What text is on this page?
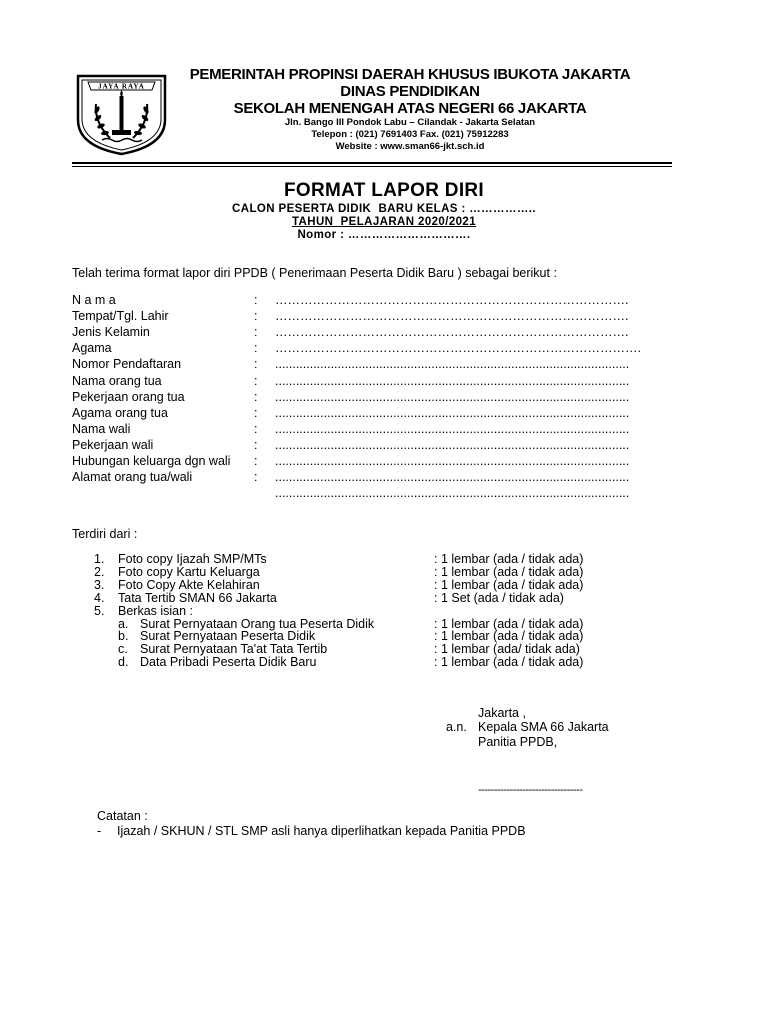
JAYA RAYA
PEMERINTAH PROPINSI DAERAH KHUSUS IBUKOTA JAKARTA
DINAS PENDIDIKAN
SEKOLAH MENENGAH ATAS NEGERI 66 JAKARTA
Jln. Bango III Pondok Labu – Cilandak - Jakarta Selatan
Telepon : (021) 7691403 Fax. (021) 75912283
Website : www.sman66-jkt.sch.id
FORMAT LAPOR DIRI
CALON PESERTA DIDIK  BARU KELAS : ……………..
TAHUN  PELAJARAN 2020/2021
Nomor : ………………………….
Telah terima format lapor diri PPDB ( Penerimaan Peserta Didik Baru ) sebagai berikut :
N a m a	: ………………………………………………………………………….
Tempat/Tgl. Lahir	: ………………………………………………………………………….
Jenis Kelamin	: ………………………………………………………………………….
Agama	: …………………………………………………………………………….
Nomor Pendaftaran	: ......................................................................................................
Nama orang tua	: ......................................................................................................
Pekerjaan orang tua	: ......................................................................................................
Agama orang tua	: ......................................................................................................
Nama wali	: ......................................................................................................
Pekerjaan wali	: ......................................................................................................
Hubungan keluarga dgn wali : ......................................................................................................
Alamat orang tua/wali	: ......................................................................................................
......................................................................................................
Terdiri dari :
1. Foto copy Ijazah SMP/MTs	: 1 lembar (ada / tidak ada)
2. Foto copy Kartu Keluarga	: 1 lembar (ada / tidak ada)
3. Foto Copy Akte Kelahiran	: 1 lembar (ada / tidak ada)
4. Tata Tertib SMAN 66 Jakarta	: 1 Set (ada / tidak ada)
5. Berkas isian :
a. Surat Pernyataan Orang tua Peserta Didik	: 1 lembar (ada / tidak ada)
b. Surat Pernyataan Peserta Didik	: 1 lembar (ada / tidak ada)
c. Surat Pernyataan Ta'at Tata Tertib	: 1 lembar (ada/ tidak ada)
d. Data Pribadi Peserta Didik Baru	: 1 lembar (ada / tidak ada)
Jakarta ,
a.n. Kepala SMA 66 Jakarta
Panitia PPDB,
---------------------------------
Catatan :
- Ijazah / SKHUN / STL SMP asli hanya diperlihatkan kepada Panitia PPDB
